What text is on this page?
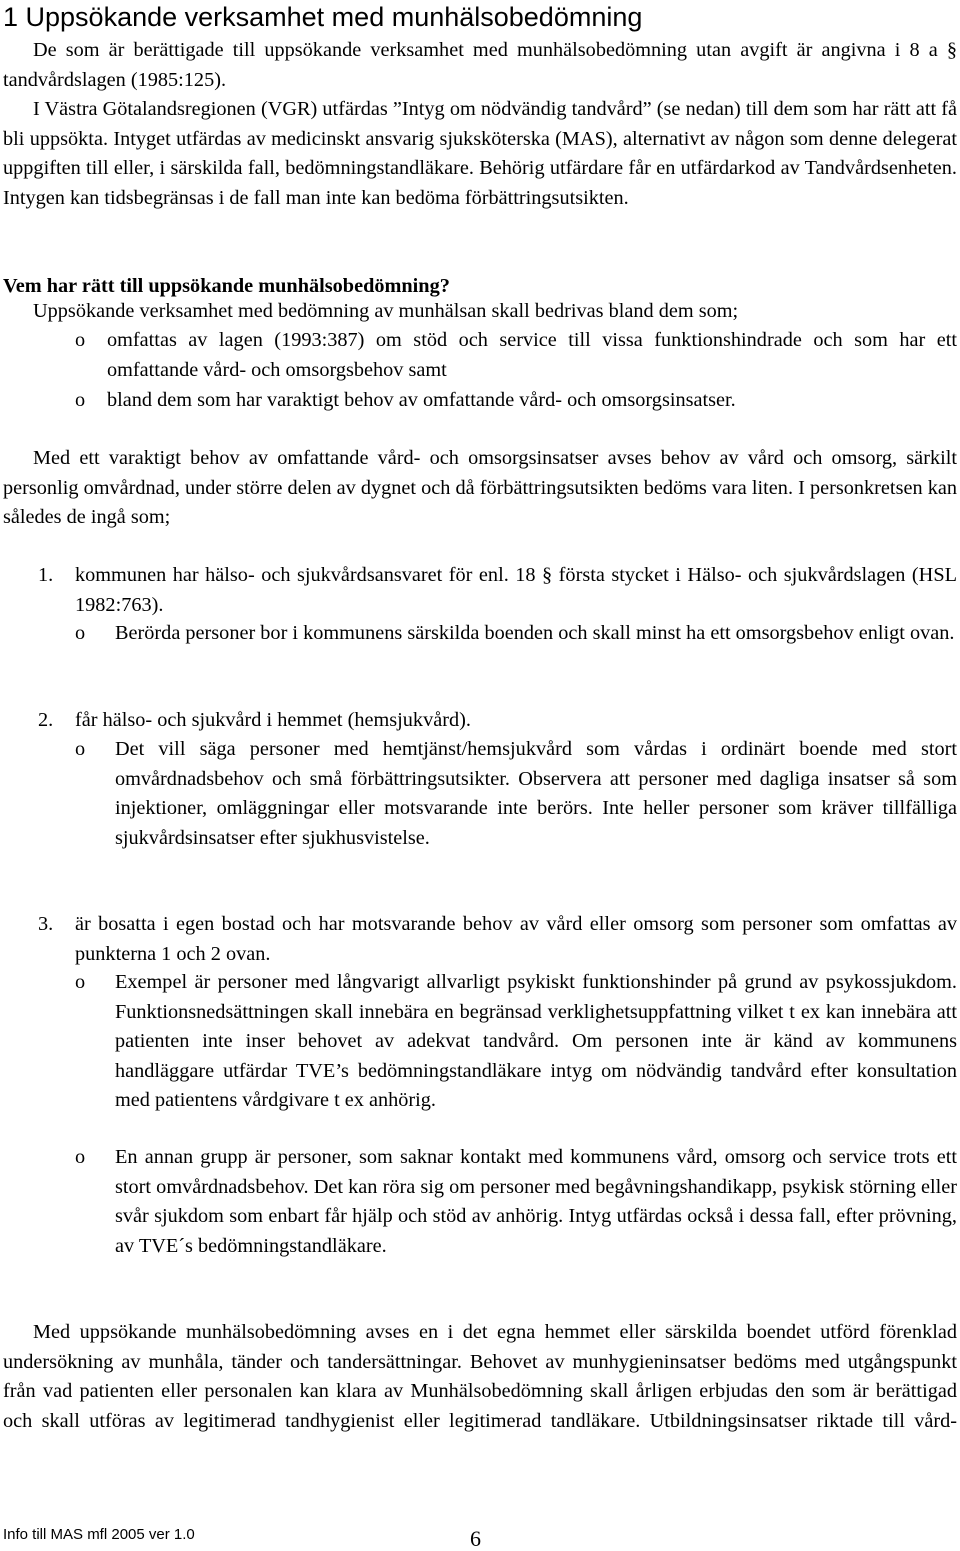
1 Uppsökande verksamhet med munhälsobedömning
De som är berättigade till uppsökande verksamhet med munhälsobedömning utan avgift är angivna i 8 a § tandvårdslagen (1985:125).
I Västra Götalandsregionen (VGR) utfärdas ”Intyg om nödvändig tandvård” (se nedan) till dem som har rätt att få bli uppsökta. Intyget utfärdas av medicinskt ansvarig sjuksköterska (MAS), alternativt av någon som denne delegerat uppgiften till eller, i särskilda fall, bedömningstandläkare. Behörig utfärdare får en utfärdarkod av Tandvårdsenheten. Intygen kan tidsbegränsas i de fall man inte kan bedöma förbättringsutsikten.
Vem har rätt till uppsökande munhälsobedömning?
Uppsökande verksamhet med bedömning av munhälsan skall bedrivas bland dem som;
o omfattas av lagen (1993:387) om stöd och service till vissa funktionshindrade och som har ett omfattande vård- och omsorgsbehov samt
o bland dem som har varaktigt behov av omfattande vård- och omsorgsinsatser.
Med ett varaktigt behov av omfattande vård- och omsorgsinsatser avses behov av vård och omsorg, särkilt personlig omvårdnad, under större delen av dygnet och då förbättringsutsikten bedöms vara liten. I personkretsen kan således de ingå som;
1. kommunen har hälso- och sjukvårdsansvaret för enl. 18 § första stycket i Hälso- och sjukvårdslagen (HSL 1982:763).
o Berörda personer bor i kommunens särskilda boenden och skall minst ha ett omsorgsbehov enligt ovan.
2. får hälso- och sjukvård i hemmet (hemsjukvård).
o Det vill säga personer med hemtjänst/hemsjukvård som vårdas i ordinärt boende med stort omvårdnadsbehov och små förbättringsutsikter. Observera att personer med dagliga insatser så som injektioner, omläggningar eller motsvarande inte berörs. Inte heller personer som kräver tillfälliga sjukvårdsinsatser efter sjukhusvistelse.
3. är bosatta i egen bostad och har motsvarande behov av vård eller omsorg som personer som omfattas av punkterna 1 och 2 ovan.
o Exempel är personer med långvarigt allvarligt psykiskt funktionshinder på grund av psykossjukdom. Funktionsnedsättningen skall innebära en begränsad verklighetsuppfattning vilket t ex kan innebära att patienten inte inser behovet av adekvat tandvård. Om personen inte är känd av kommunens handläggare utfärdar TVE’s bedömningstandläkare intyg om nödvändig tandvård efter konsultation med patientens vårdgivare t ex anhörig.
o En annan grupp är personer, som saknar kontakt med kommunens vård, omsorg och service trots ett stort omvårdnadsbehov. Det kan röra sig om personer med begåvningshandikapp, psykisk störning eller svår sjukdom som enbart får hjälp och stöd av anhörig. Intyg utfärdas också i dessa fall, efter prövning, av TVE´s bedömningstandläkare.
Med uppsökande munhälsobedömning avses en i det egna hemmet eller särskilda boendet utförd förenklad undersökning av munhåla, tänder och tandersättningar. Behovet av munhygieninsatser bedöms med utgångspunkt från vad patienten eller personalen kan klara av Munhälsobedömning skall årligen erbjudas den som är berättigad och skall utföras av legitimerad tandhygienist eller legitimerad tandläkare. Utbildningsinsatser riktade till vård-
Info till MAS mfl 2005 ver 1.0	6
